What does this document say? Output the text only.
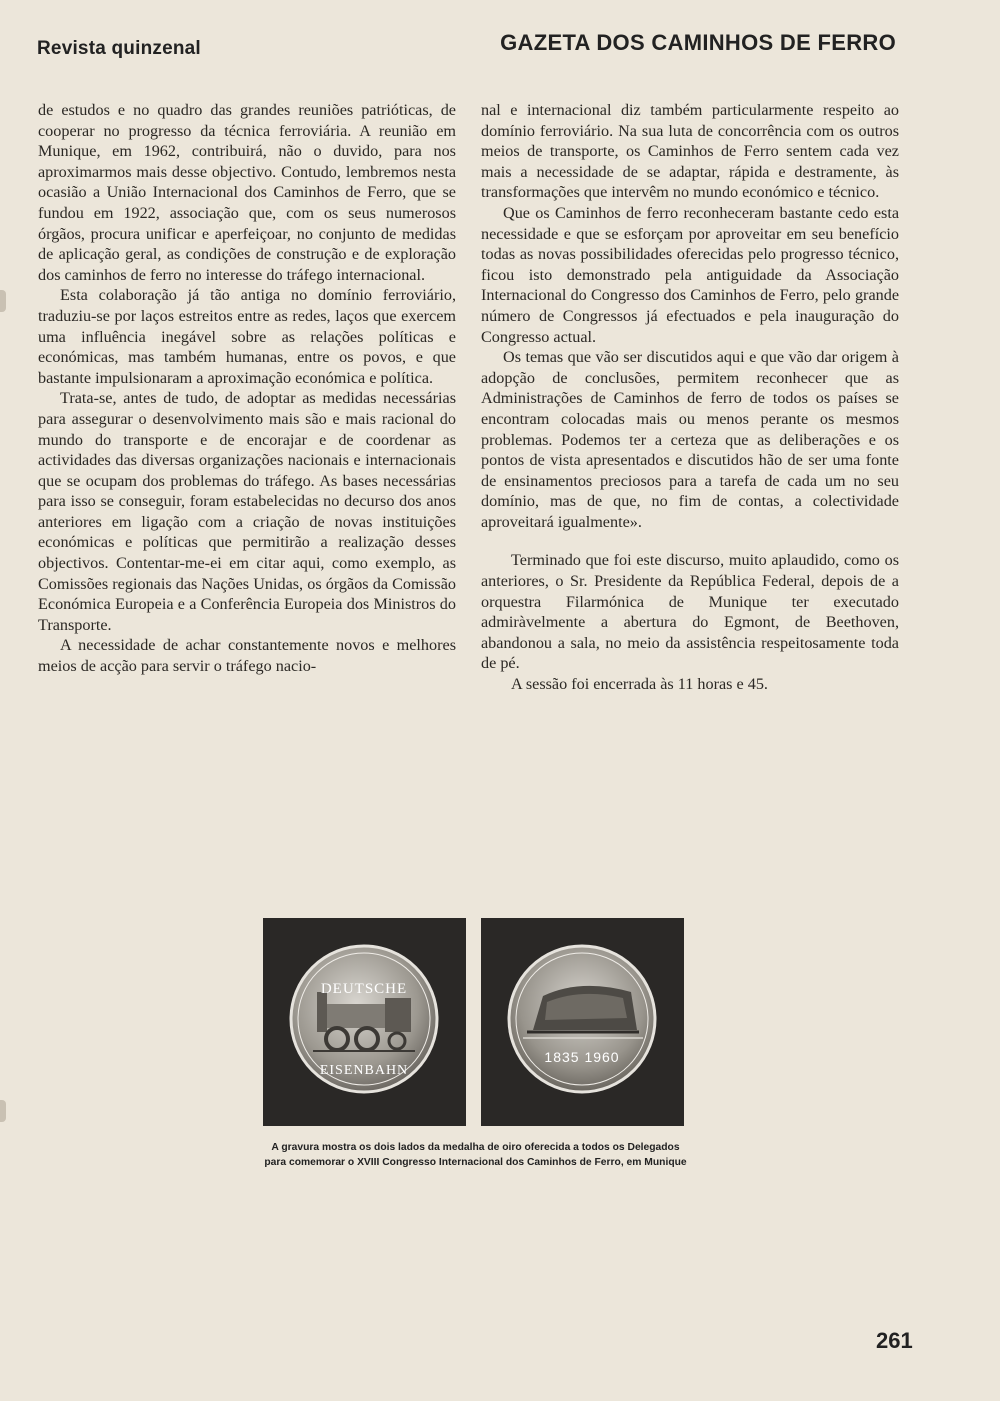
Revista quinzenal	GAZETA DOS CAMINHOS DE FERRO

de estudos e no quadro das grandes reuniões patrióticas, de cooperar no progresso da técnica ferroviária. A reunião em Munique, em 1962, contribuirá, não o duvido, para nos aproximarmos mais desse objectivo. Contudo, lembremos nesta ocasião a União Internacional dos Caminhos de Ferro, que se fundou em 1922, associação que, com os seus numerosos órgãos, procura unificar e aperfeiçoar, no conjunto de medidas de aplicação geral, as condições de construção e de exploração dos caminhos de ferro no interesse do tráfego internacional.

Esta colaboração já tão antiga no domínio ferroviário, traduziu-se por laços estreitos entre as redes, laços que exercem uma influência inegável sobre as relações políticas e económicas, mas também humanas, entre os povos, e que bastante impulsionaram a aproximação económica e política.

Trata-se, antes de tudo, de adoptar as medidas necessárias para assegurar o desenvolvimento mais são e mais racional do mundo do transporte e de encorajar e de coordenar as actividades das diversas organizações nacionais e internacionais que se ocupam dos problemas do tráfego. As bases necessárias para isso se conseguir, foram estabelecidas no decurso dos anos anteriores em ligação com a criação de novas instituições económicas e políticas que permitirão a realização desses objectivos. Contentar-me-ei em citar aqui, como exemplo, as Comissões regionais das Nações Unidas, os órgãos da Comissão Económica Europeia e a Conferência Europeia dos Ministros do Transporte.

A necessidade de achar constantemente novos e melhores meios de acção para servir o tráfego nacio-

nal e internacional diz também particularmente respeito ao domínio ferroviário. Na sua luta de concorrência com os outros meios de transporte, os Caminhos de Ferro sentem cada vez mais a necessidade de se adaptar, rápida e destramente, às transformações que intervêm no mundo económico e técnico.

Que os Caminhos de ferro reconheceram bastante cedo esta necessidade e que se esforçam por aproveitar em seu benefício todas as novas possibilidades oferecidas pelo progresso técnico, ficou isto demonstrado pela antiguidade da Associação Internacional do Congresso dos Caminhos de Ferro, pelo grande número de Congressos já efectuados e pela inauguração do Congresso actual.

Os temas que vão ser discutidos aqui e que vão dar origem à adopção de conclusões, permitem reconhecer que as Administrações de Caminhos de ferro de todos os países se encontram colocadas mais ou menos perante os mesmos problemas. Podemos ter a certeza que as deliberações e os pontos de vista apresentados e discutidos hão de ser uma fonte de ensinamentos preciosos para a tarefa de cada um no seu domínio, mas de que, no fim de contas, a colectividade aproveitará igualmente».

Terminado que foi este discurso, muito aplaudido, como os anteriores, o Sr. Presidente da República Federal, depois de a orquestra Filarmónica de Munique ter executado admiràvelmente a abertura do Egmont, de Beethoven, abandonou a sala, no meio da assistência respeitosamente toda de pé.

A sessão foi encerrada às 11 horas e 45.

DEUTSCHE
EISENBAHN
1835 1960
A gravura mostra os dois lados da medalha de oiro oferecida a todos os Delegados para comemorar o XVIII Congresso Internacional dos Caminhos de Ferro, em Munique
261
